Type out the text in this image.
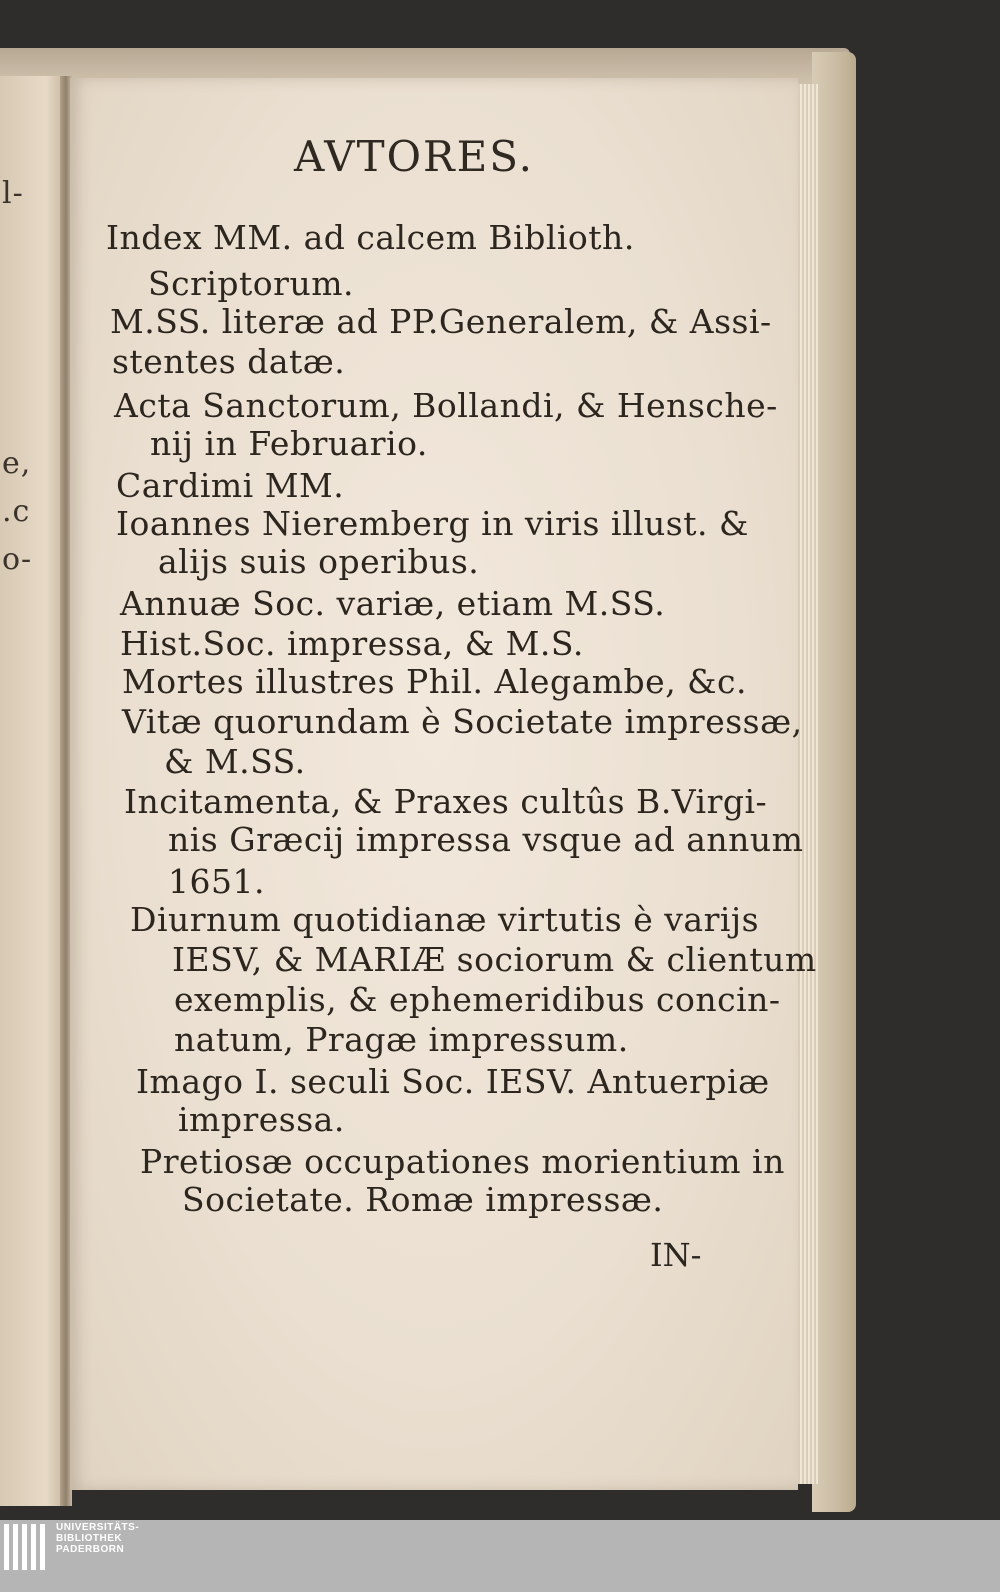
l-
e,
.c
o-
AVTORES.
Index MM. ad calcem Biblioth.
Scriptorum.
M.SS. literæ ad PP.Generalem, & Assi-
stentes datæ.
Acta Sanctorum, Bollandi, & Hensche-
nij in Februario.
Cardimi MM.
Ioannes Nieremberg in viris illust. &
alijs suis operibus.
Annuæ Soc. variæ, etiam M.SS.
Hist.Soc. impressa, & M.S.
Mortes illustres Phil. Alegambe, &c.
Vitæ quorundam è Societate impressæ,
& M.SS.
Incitamenta, & Praxes cultûs B.Virgi-
nis Græcij impressa vsque ad annum
1651.
Diurnum quotidianæ virtutis è varijs
IESV, & MARIÆ sociorum & clientum
exemplis, & ephemeridibus concin-
natum, Pragæ impressum.
Imago I. seculi Soc. IESV. Antuerpiæ
impressa.
Pretiosæ occupationes morientium in
Societate. Romæ impressæ.
IN-
UNIVERSITÄTS-
BIBLIOTHEK
PADERBORN
